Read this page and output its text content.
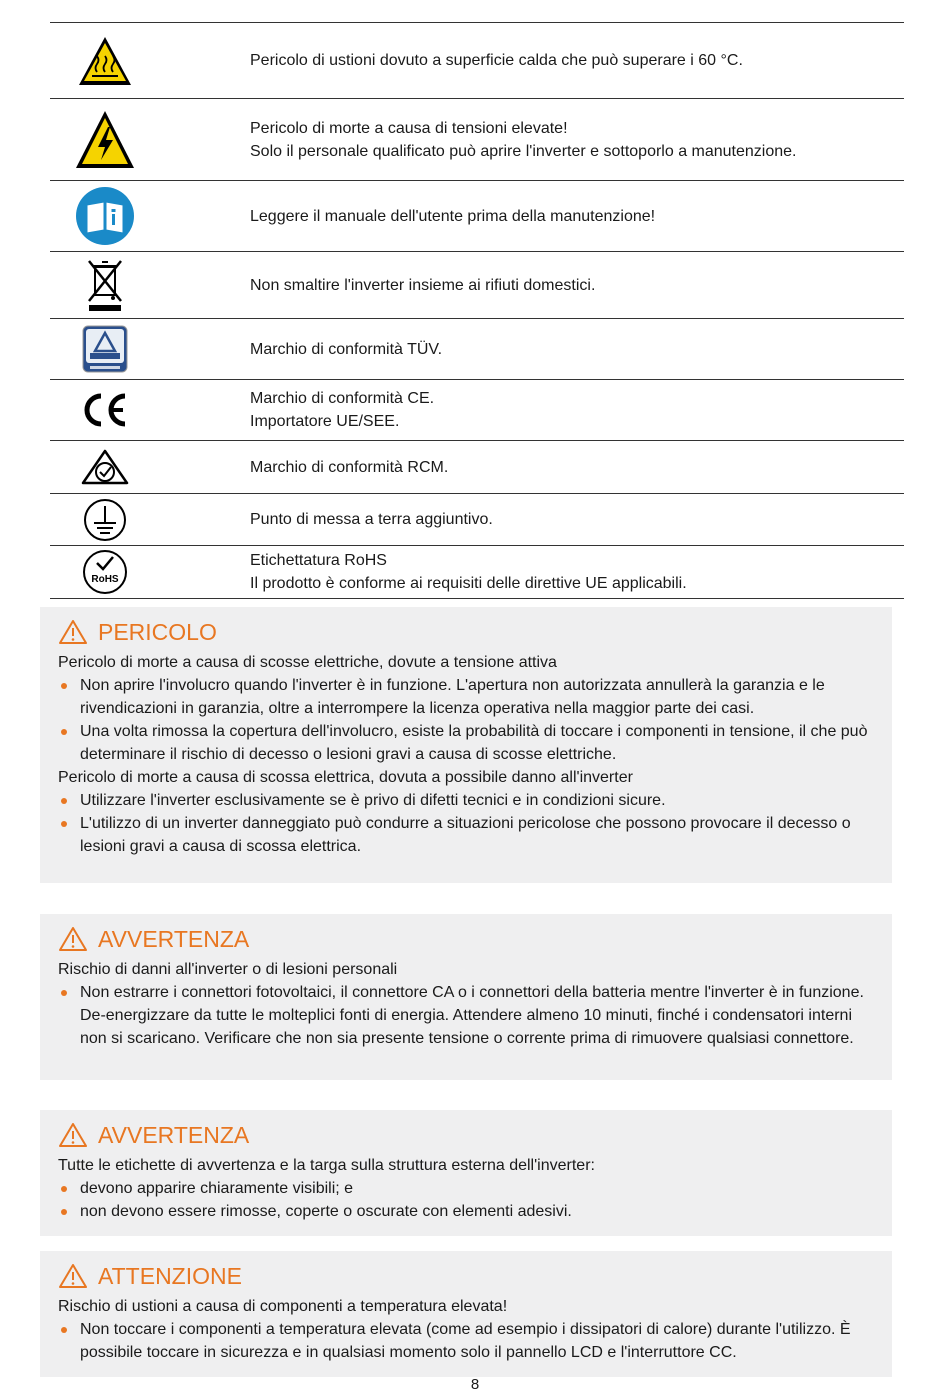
Pericolo di ustioni dovuto a superficie calda che può superare i 60 °C.
Pericolo di morte a causa di tensioni elevate!
Solo il personale qualificato può aprire l'inverter e sottoporlo a manutenzione.
Leggere il manuale dell'utente prima della manutenzione!
Non smaltire l'inverter insieme ai rifiuti domestici.
Marchio di conformità TÜV.
Marchio di conformità CE.
Importatore UE/SEE.
Marchio di conformità RCM.
Punto di messa a terra aggiuntivo.
RoHS
Etichettatura RoHS
Il prodotto è conforme ai requisiti delle direttive UE applicabili.
PERICOLO

Pericolo di morte a causa di scosse elettriche, dovute a tensione attiva

Non aprire l'involucro quando l'inverter è in funzione. L'apertura non autorizzata annullerà la garanzia e le rivendicazioni in garanzia, oltre a interrompere la licenza operativa nella maggior parte dei casi.

Una volta rimossa la copertura dell'involucro, esiste la probabilità di toccare i componenti in tensione, il che può determinare il rischio di decesso o lesioni gravi a causa di scosse elettriche.

Pericolo di morte a causa di scossa elettrica, dovuta a possibile danno all'inverter

Utilizzare l'inverter esclusivamente se è privo di difetti tecnici e in condizioni sicure.

L'utilizzo di un inverter danneggiato può condurre a situazioni pericolose che possono provocare il decesso o lesioni gravi a causa di scossa elettrica.

AVVERTENZA

Rischio di danni all'inverter o di lesioni personali

Non estrarre i connettori fotovoltaici, il connettore CA o i connettori della batteria mentre l'inverter è in funzione. De-energizzare da tutte le molteplici fonti di energia. Attendere almeno 10 minuti, finché i condensatori interni non si scaricano. Verificare che non sia presente tensione o corrente prima di rimuovere qualsiasi connettore.

AVVERTENZA

Tutte le etichette di avvertenza e la targa sulla struttura esterna dell'inverter:

devono apparire chiaramente visibili; e

non devono essere rimosse, coperte o oscurate con elementi adesivi.

ATTENZIONE

Rischio di ustioni a causa di componenti a temperatura elevata!

Non toccare i componenti a temperatura elevata (come ad esempio i dissipatori di calore) durante l'utilizzo. È possibile toccare in sicurezza e in qualsiasi momento solo il pannello LCD e l'interruttore CC.

8
